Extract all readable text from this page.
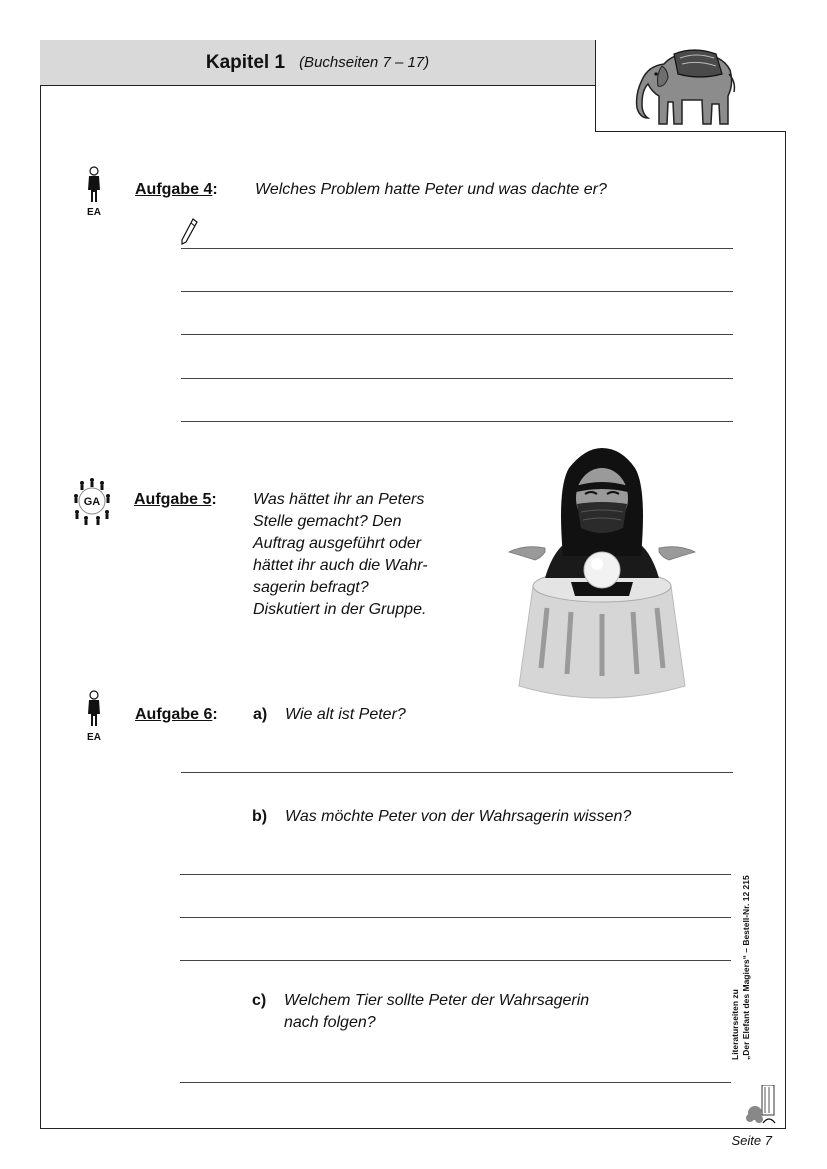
Kapitel 1 (Buchseiten 7 – 17)
EA
Aufgabe 4: Welches Problem hatte Peter und was dachte er?
GA	Aufgabe 5: Was hättet ihr an Peters
Stelle gemacht? Den
Auftrag ausgeführt oder
hättet ihr auch die Wahr-
sagerin befragt?
Diskutiert in der Gruppe.
EA
Aufgabe 6: a) Wie alt ist Peter?
b) Was möchte Peter von der Wahrsagerin wissen?
c) Welchem Tier sollte Peter der Wahrsagerin
nach folgen?	Literaturseiten zu „Der Elefant des Magiers“ – Bestell-Nr. 12 215
Seite 7
